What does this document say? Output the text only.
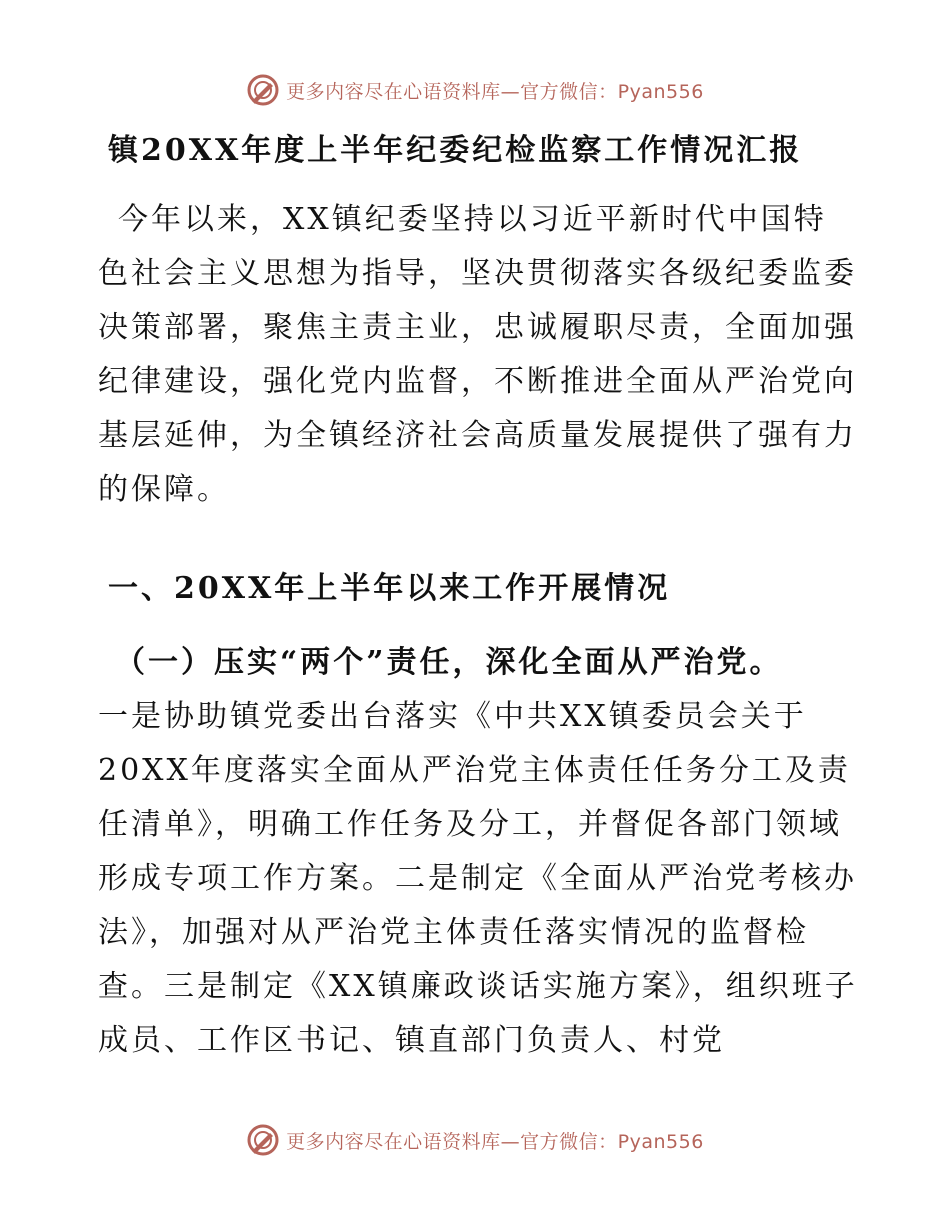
更多内容尽在心语资料库—官方微信：Pyan556
镇20XX年度上半年纪委纪检监察工作情况汇报

今年以来，XX镇纪委坚持以习近平新时代中国特色社会主义思想为指导，坚决贯彻落实各级纪委监委决策部署，聚焦主责主业，忠诚履职尽责，全面加强纪律建设，强化党内监督，不断推进全面从严治党向基层延伸，为全镇经济社会高质量发展提供了强有力的保障。

一、20XX年上半年以来工作开展情况
（一）压实“两个”责任，深化全面从严治党。

一是协助镇党委出台落实《中共XX镇委员会关于20XX年度落实全面从严治党主体责任任务分工及责任清单》，明确工作任务及分工，并督促各部门领域形成专项工作方案。二是制定《全面从严治党考核办法》，加强对从严治党主体责任落实情况的监督检查。三是制定《XX镇廉政谈话实施方案》，组织班子成员、工作区书记、镇直部门负责人、村党

更多内容尽在心语资料库—官方微信：Pyan556
